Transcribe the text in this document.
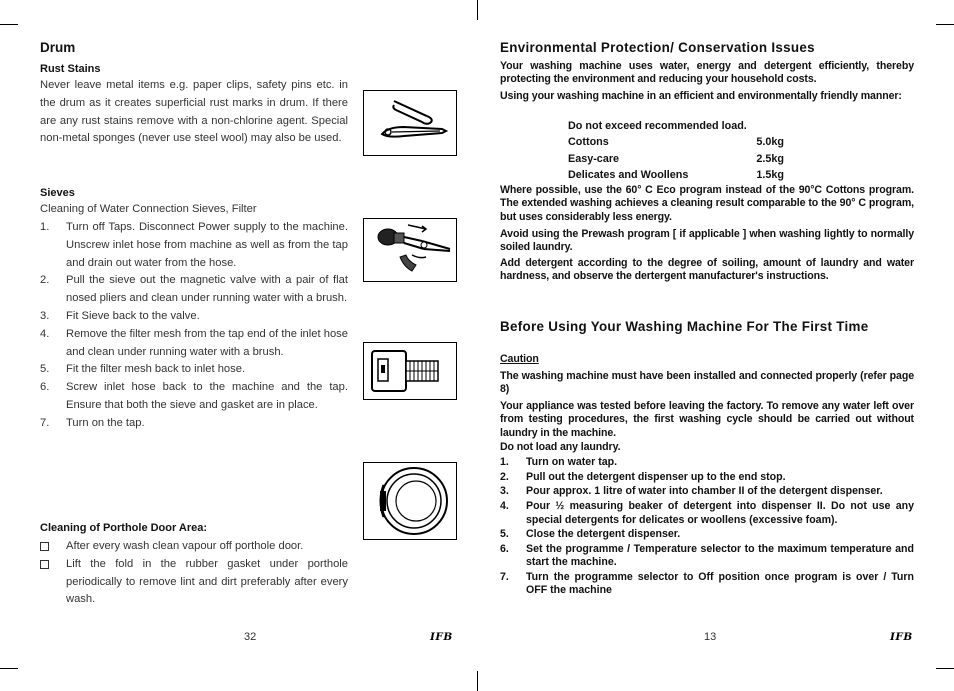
Drum
Rust Stains
Never leave metal items e.g. paper clips, safety pins etc. in the drum as it creates superficial rust marks in drum. If there are any rust stains remove with a non-chlorine agent. Special non-metal sponges (never use steel wool) may also be used.
Sieves
Cleaning of Water Connection Sieves, Filter
1. Turn off Taps. Disconnect Power supply to the machine. Unscrew inlet hose from machine as well as from the tap and drain out water from the hose.
2. Pull the sieve out the magnetic valve with a pair of flat nosed pliers and clean under running water with a brush.
3. Fit Sieve back to the valve.
4. Remove the filter mesh from the tap end of the inlet hose and clean under running water with a brush.
5. Fit the filter mesh back to inlet hose.
6. Screw inlet hose back to the machine and the tap. Ensure that both the sieve and gasket are in place.
7. Turn on the tap.
Cleaning of Porthole Door Area:
After every wash clean vapour off porthole door.
Lift the fold in the rubber gasket under porthole periodically to remove lint and dirt preferably after every wash.
32	IFB
Environmental Protection/ Conservation Issues
Your washing machine uses water, energy and detergent efficiently, thereby protecting the environment and reducing your household costs.
Using your washing machine in an efficient and environmentally friendly manner:
Do not exceed recommended load.
Cottons	5.0kg
Easy-care	2.5kg
Delicates and Woollens	1.5kg
Where possible, use the 60° C Eco program instead of the 90°C Cottons program. The extended washing achieves a cleaning result comparable to the 90° C program, but uses considerably less energy.
Avoid using the Prewash program [ if applicable ] when washing lightly to normally soiled laundry.
Add detergent according to the degree of soiling, amount of laundry and water hardness, and observe the dertergent manufacturer's instructions.
Before Using Your Washing Machine For The First Time
Caution
The washing machine must have been installed and connected properly (refer page 8)
Your appliance was tested before leaving the factory. To remove any water left over from testing procedures, the first washing cycle should be carried out without laundry in the machine.
Do not load any laundry.
1. Turn on water tap.
2. Pull out the detergent dispenser up to the end stop.
3. Pour approx. 1 litre of water into chamber II of the detergent dispenser.
4. Pour ½ measuring beaker of detergent into dispenser II. Do not use any special detergents for delicates or woollens (excessive foam).
5. Close the detergent dispenser.
6. Set the programme / Temperature selector to the maximum temperature and start the machine.
7. Turn the programme selector to Off position once program is over / Turn OFF the machine
13	IFB
